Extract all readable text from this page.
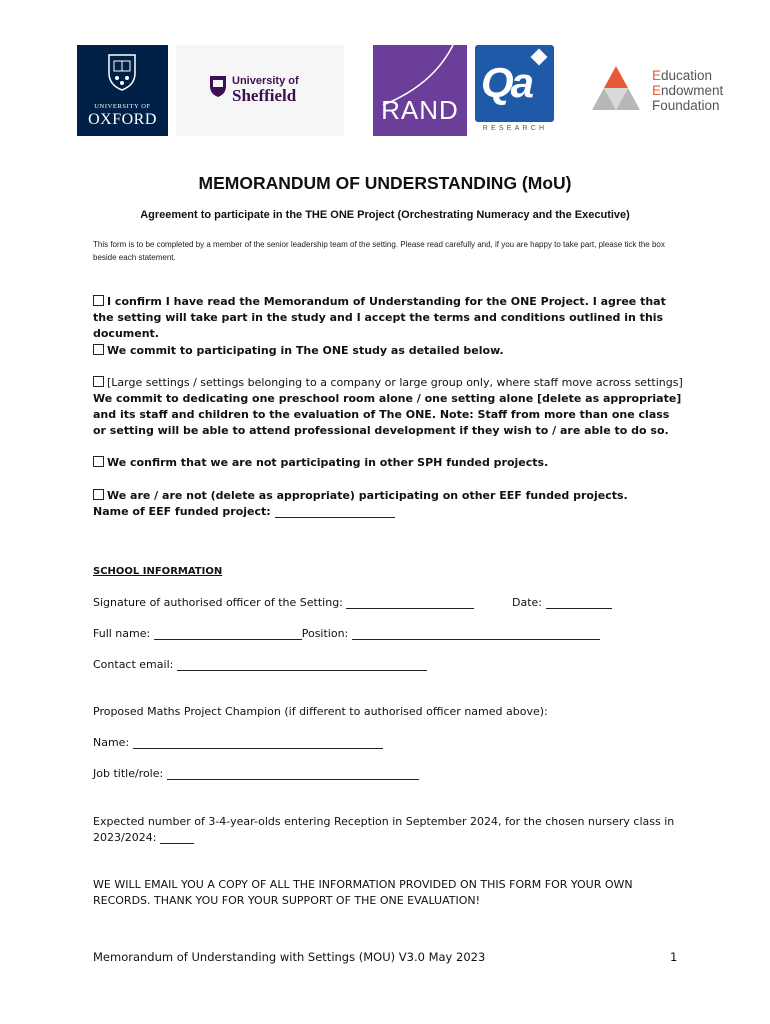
UNIVERSITY OF
OXFORD
University of
Sheffield	RAND
Qa
RESEARCH
Education
Endowment
Foundation
MEMORANDUM OF UNDERSTANDING (MoU)
Agreement to participate in the THE ONE Project (Orchestrating Numeracy and the Executive)
This form is to be completed by a member of the senior leadership team of the setting. Please read carefully and, if you are happy to take part, please tick the box beside each statement.
I confirm I have read the Memorandum of Understanding for the ONE Project. I agree that the setting will take part in the study and I accept the terms and conditions outlined in this document.
We commit to participating in The ONE study as detailed below.
[Large settings / settings belonging to a company or large group only, where staff move across settings] We commit to dedicating one preschool room alone / one setting alone [delete as appropriate] and its staff and children to the evaluation of The ONE. Note: Staff from more than one class or setting will be able to attend professional development if they wish to / are able to do so.
We confirm that we are not participating in other SPH funded projects.
We are / are not (delete as appropriate) participating on other EEF funded projects.
Name of EEF funded project:
SCHOOL INFORMATION
Signature of authorised officer of the Setting:	Date:
Full name:	Position:
Contact email:
Proposed Maths Project Champion (if different to authorised officer named above):
Name:
Job title/role:
Expected number of 3-4-year-olds entering Reception in September 2024, for the chosen nursery class in
2023/2024:
WE WILL EMAIL YOU A COPY OF ALL THE INFORMATION PROVIDED ON THIS FORM FOR YOUR OWN
RECORDS. THANK YOU FOR YOUR SUPPORT OF THE ONE EVALUATION!
Memorandum of Understanding with Settings (MOU) V3.0 May 2023	1
